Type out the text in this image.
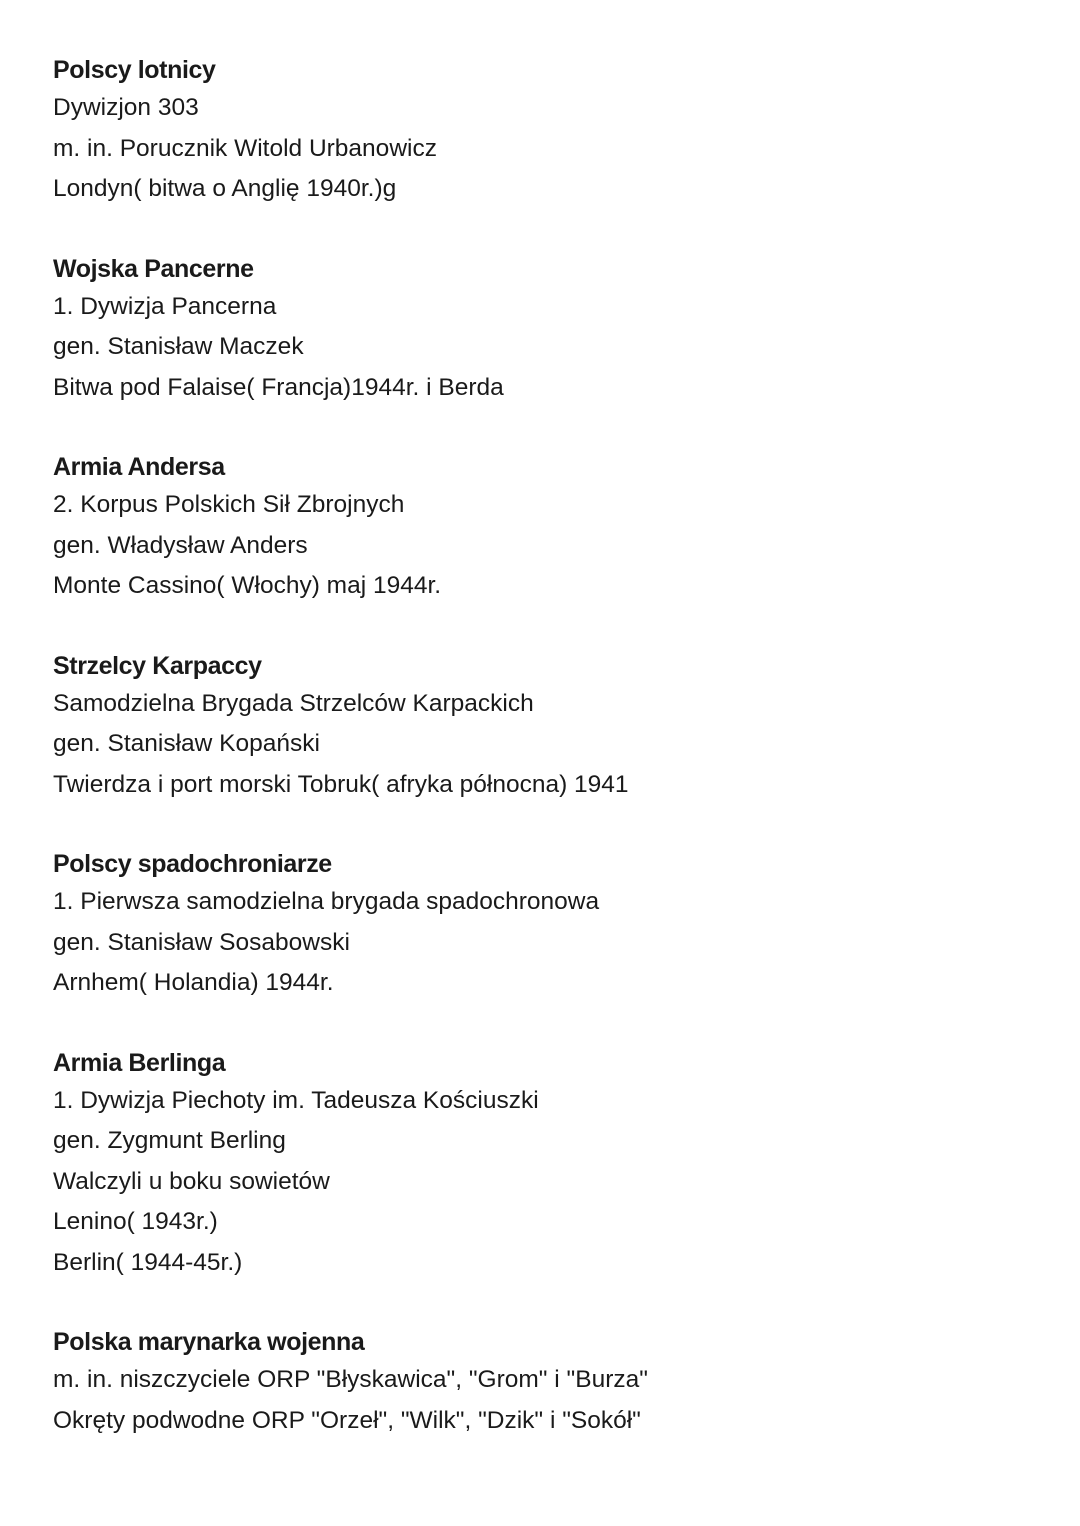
Polscy lotnicy
Dywizjon 303
m. in. Porucznik Witold Urbanowicz
Londyn( bitwa o Anglię 1940r.)g
Wojska Pancerne
1. Dywizja Pancerna
gen. Stanisław Maczek
Bitwa pod Falaise( Francja)1944r. i Berda
Armia Andersa
2. Korpus Polskich Sił Zbrojnych
gen. Władysław Anders
Monte Cassino( Włochy) maj 1944r.
Strzelcy Karpaccy
Samodzielna Brygada Strzelców Karpackich
gen. Stanisław Kopański
Twierdza i port morski Tobruk( afryka północna) 1941
Polscy spadochroniarze
1. Pierwsza samodzielna brygada spadochronowa
gen. Stanisław Sosabowski
Arnhem( Holandia) 1944r.
Armia Berlinga
1. Dywizja Piechoty im. Tadeusza Kościuszki
gen. Zygmunt Berling
Walczyli u boku sowietów
Lenino( 1943r.)
Berlin( 1944-45r.)
Polska marynarka wojenna
m. in. niszczyciele ORP "Błyskawica", "Grom" i "Burza"
Okręty podwodne ORP "Orzeł", "Wilk", "Dzik" i "Sokół"
